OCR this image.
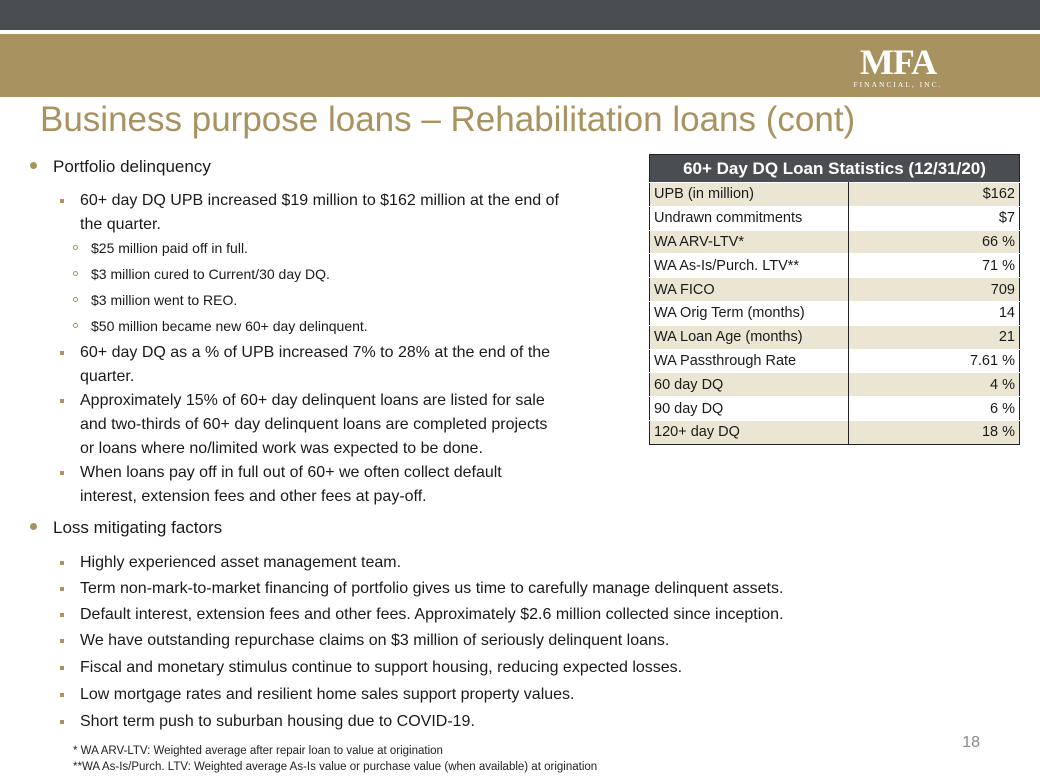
MFA
FINANCIAL, INC.
Business purpose loans – Rehabilitation loans (cont)
Portfolio delinquency
60+ day DQ UPB increased $19 million to $162 million at the end of
the quarter.
$25 million paid off in full.
$3 million cured to Current/30 day DQ.
$3 million went to REO.
$50 million became new 60+ day delinquent.
60+ day DQ as a % of UPB increased 7% to 28% at the end of the
quarter.
Approximately 15% of 60+ day delinquent loans are listed for sale
and two-thirds of 60+ day delinquent loans are completed projects
or loans where no/limited work was expected to be done.
When loans pay off in full out of 60+ we often collect default
interest, extension fees and other fees at pay-off.
Loss mitigating factors
Highly experienced asset management team.
Term non-mark-to-market financing of portfolio gives us time to carefully manage delinquent assets.
Default interest, extension fees and other fees. Approximately $2.6 million collected since inception.
We have outstanding repurchase claims on $3 million of seriously delinquent loans.
Fiscal and monetary stimulus continue to support housing, reducing expected losses.
Low mortgage rates and resilient home sales support property values.
Short term push to suburban housing due to COVID-19.
60+ Day DQ Loan Statistics (12/31/20)	
UPB (in million)	$162
Undrawn commitments	$7
WA ARV-LTV*	66 %
WA As-Is/Purch. LTV**	71 %
WA FICO	709
WA Orig Term (months)	14
WA Loan Age (months)	21
WA Passthrough Rate	7.61 %
60 day DQ	4 %
90 day DQ	6 %
120+ day DQ	18 %
18
* WA ARV-LTV: Weighted average after repair loan to value at origination
**WA As-Is/Purch. LTV: Weighted average As-Is value or purchase value (when available) at origination
